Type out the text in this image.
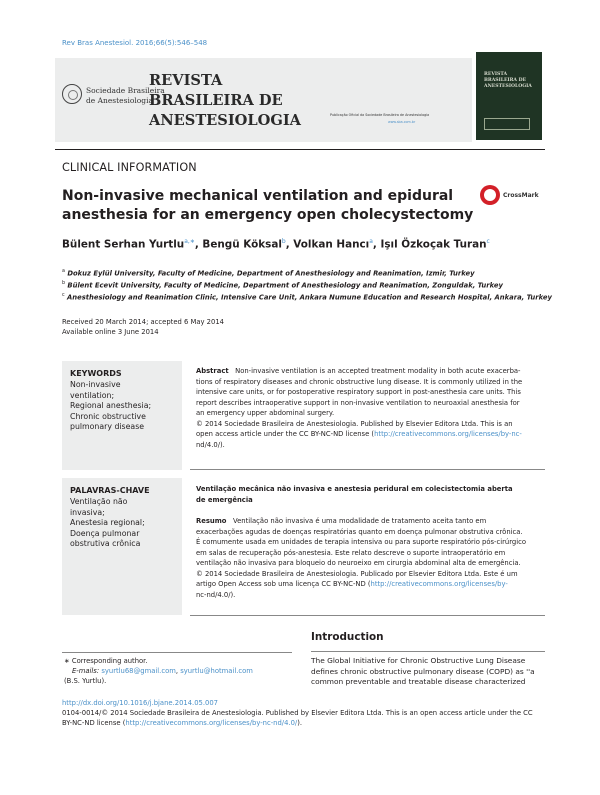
Rev Bras Anestesiol. 2016;66(5):546–548
Sociedade Brasileira
de Anestesiologia
REVISTA
BRASILEIRA DE
ANESTESIOLOGIA	Publicação Oficial da Sociedade Brasileira de Anestesiologia
www.sba.com.br
REVISTA
BRASILEIRA DE
ANESTESIOLOGIA
CLINICAL INFORMATION
Non-invasive mechanical ventilation and epidural
anesthesia for an emergency open cholecystectomy
CrossMark
Bülent Serhan Yurtlu$^{a,∗}$, Bengü Köksal$^b$, Volkan Hancı$^a$, Işıl Özkoçak Turan$^c$
$^a$ Dokuz Eylül University, Faculty of Medicine, Department of Anesthesiology and Reanimation, Izmir, Turkey
$^b$ Bülent Ecevit University, Faculty of Medicine, Department of Anesthesiology and Reanimation, Zonguldak, Turkey
$^c$ Anesthesiology and Reanimation Clinic, Intensive Care Unit, Ankara Numune Education and Research Hospital, Ankara, Turkey
Received 20 March 2014; accepted 6 May 2014
Available online 3 June 2014
KEYWORDS
Non-invasive
ventilation;
Regional anesthesia;
Chronic obstructive
pulmonary disease
Abstract Non-invasive ventilation is an accepted treatment modality in both acute exacerba-
tions of respiratory diseases and chronic obstructive lung disease. It is commonly utilized in the
intensive care units, or for postoperative respiratory support in post-anesthesia care units. This
report describes intraoperative support in non-invasive ventilation to neuroaxial anesthesia for
an emergency upper abdominal surgery.
© 2014 Sociedade Brasileira de Anestesiologia. Published by Elsevier Editora Ltda. This is an
open access article under the CC BY-NC-ND license (http://creativecommons.org/licenses/by-nc-
nd/4.0/).
PALAVRAS-CHAVE
Ventilação não
invasiva;
Anestesia regional;
Doença pulmonar
obstrutiva crônica
Ventilação mecânica não invasiva e anestesia peridural em colecistectomia aberta
de emergência
Resumo Ventilação não invasiva é uma modalidade de tratamento aceita tanto em
exacerbações agudas de doenças respiratórias quanto em doença pulmonar obstrutiva crônica.
É comumente usada em unidades de terapia intensiva ou para suporte respiratório pós-cirúrgico
em salas de recuperação pós-anestesia. Este relato descreve o suporte intraoperatório em
ventilação não invasiva para bloqueio do neuroeixo em cirurgia abdominal alta de emergência.
© 2014 Sociedade Brasileira de Anestesiologia. Publicado por Elsevier Editora Ltda. Este é um
artigo Open Access sob uma licença CC BY-NC-ND (http://creativecommons.org/licenses/by-
nc-nd/4.0/).
Introduction
The Global Initiative for Chronic Obstructive Lung Disease
defines chronic obstructive pulmonary disease (COPD) as ''a
common preventable and treatable disease characterized
∗ Corresponding author.
E-mails: syurtlu68@gmail.com, syurtlu@hotmail.com
(B.S. Yurtlu).
http://dx.doi.org/10.1016/j.bjane.2014.05.007
0104-0014/© 2014 Sociedade Brasileira de Anestesiologia. Published by Elsevier Editora Ltda. This is an open access article under the CC
BY-NC-ND license (http://creativecommons.org/licenses/by-nc-nd/4.0/).
